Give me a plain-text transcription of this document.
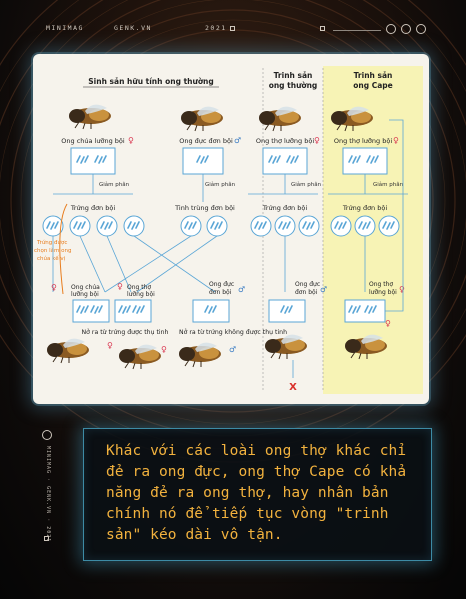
MINIMAG	GENK.VN	2021
Sinh sản hữu tính ong thường
Trinh sản
ong thường
Trinh sản
ong Cape
Ong chúa lưỡng bội ♀	Ong đực đơn bội ♂ Ong thợ lưỡng bội ♀ Ong thợ lưỡng bội ♀
Giảm phân	Giảm phân	Giảm phân	Giảm phân
Trứng đơn bội	Tinh trùng đơn bội	Trứng đơn bội	Trứng đơn bội
Trứng được
chọn làm ong
chúa kế vị
♀ Ong chúa
lưỡng bội
♀ Ong thợ
lưỡng bội
Ong đực
đơn bội ♂
Ong đực
đơn bội ♂
Ong thợ
lưỡng bội ♀
Nở ra từ trứng được thụ tinh Nở ra từ trứng không được thụ tinh
♀	♀	♂
♀
X
MINIMAG · GENK.VN · 2021

Khác với các loài ong thợ khác chỉ đẻ ra ong đực, ong thợ Cape có khả năng đẻ ra ong thợ, hay nhân bản chính nó để tiếp tục vòng "trinh sản" kéo dài vô tận.
